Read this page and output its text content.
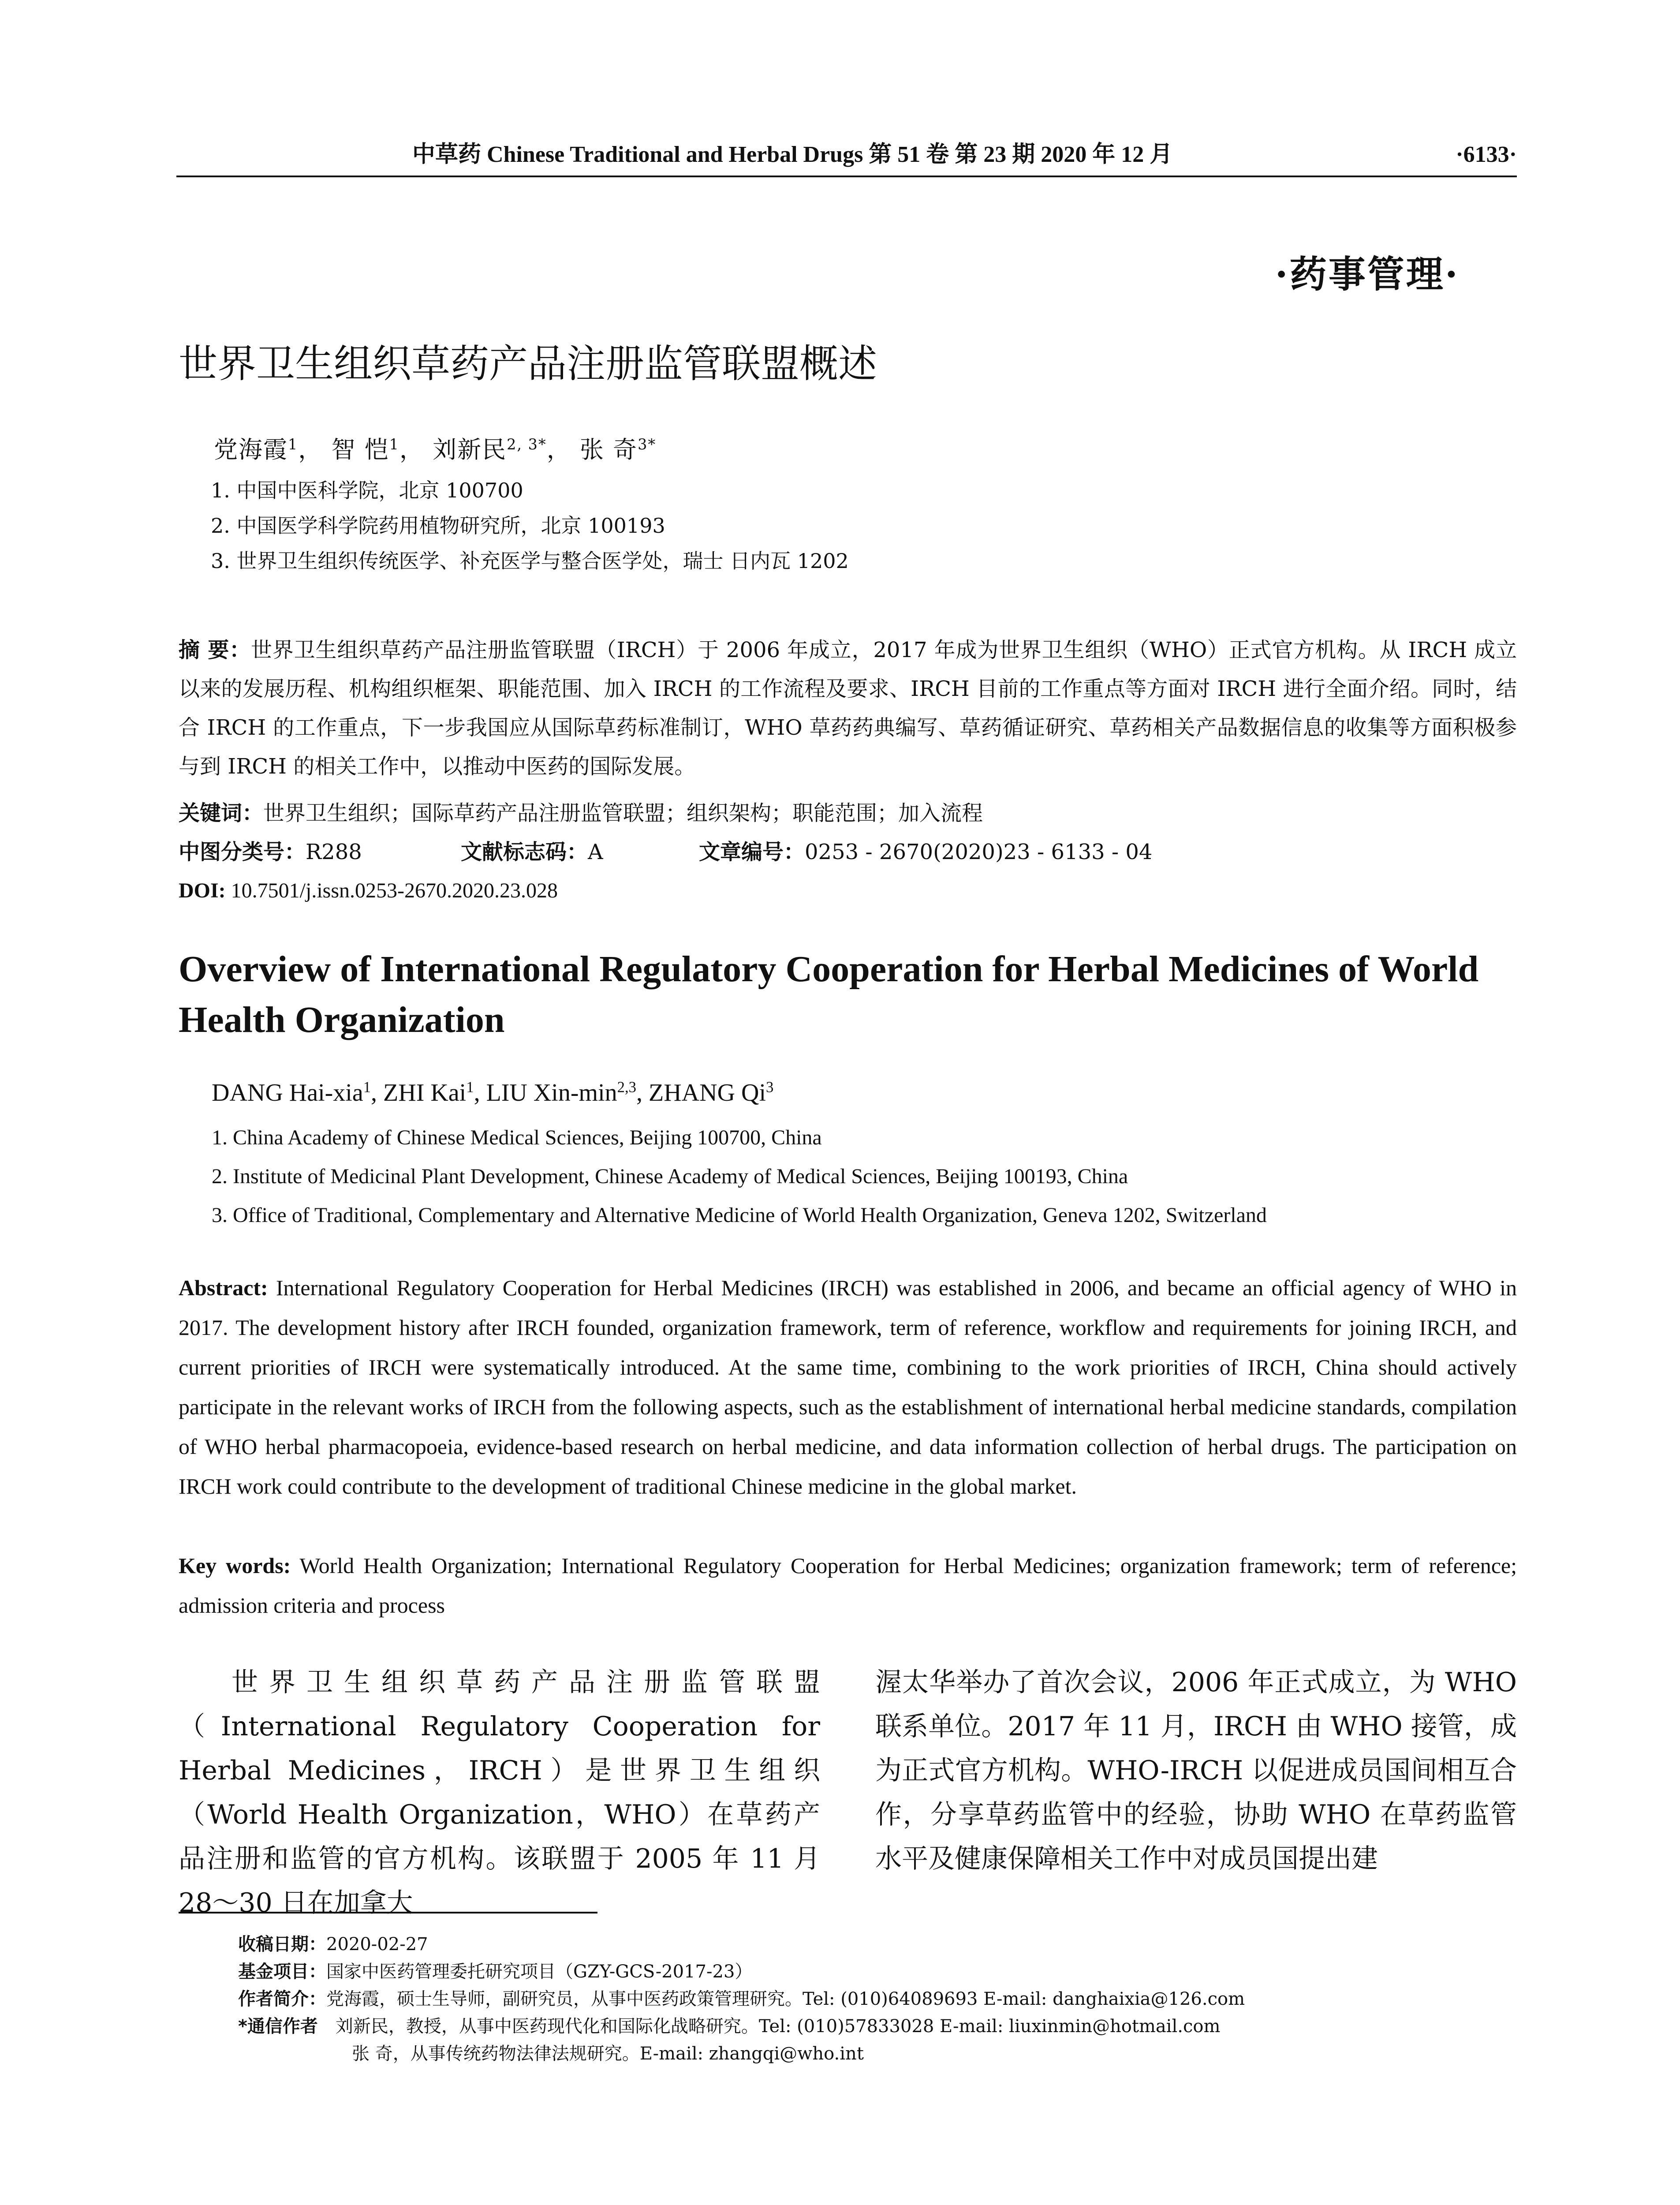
中草药 Chinese Traditional and Herbal Drugs 第 51 卷 第 23 期 2020 年 12 月	·6133·
·药事管理·
世界卫生组织草药产品注册监管联盟概述
党海霞$^1$， 智 恺$^1$， 刘新民$^{2, 3*}$， 张 奇$^{3*}$
1. 中国中医科学院，北京 100700
2. 中国医学科学院药用植物研究所，北京 100193
3. 世界卫生组织传统医学、补充医学与整合医学处，瑞士 日内瓦 1202
摘 要：世界卫生组织草药产品注册监管联盟（IRCH）于 2006 年成立，2017 年成为世界卫生组织（WHO）正式官方机构。从 IRCH 成立以来的发展历程、机构组织框架、职能范围、加入 IRCH 的工作流程及要求、IRCH 目前的工作重点等方面对 IRCH 进行全面介绍。同时，结合 IRCH 的工作重点，下一步我国应从国际草药标准制订，WHO 草药药典编写、草药循证研究、草药相关产品数据信息的收集等方面积极参与到 IRCH 的相关工作中，以推动中医药的国际发展。
关键词：世界卫生组织；国际草药产品注册监管联盟；组织架构；职能范围；加入流程
中图分类号：R288	文献标志码：A	文章编号：0253 - 2670(2020)23 - 6133 - 04
DOI: 10.7501/j.issn.0253-2670.2020.23.028
Overview of International Regulatory Cooperation for Herbal Medicines of World Health Organization
DANG Hai-xia$^1$, ZHI Kai$^1$, LIU Xin-$\min^{2,3}$, ZHANG Qi$^3$
1. China Academy of Chinese Medical Sciences, Beijing 100700, China
2. Institute of Medicinal Plant Development, Chinese Academy of Medical Sciences, Beijing 100193, China
3. Office of Traditional, Complementary and Alternative Medicine of World Health Organization, Geneva 1202, Switzerland
Abstract: International Regulatory Cooperation for Herbal Medicines (IRCH) was established in 2006, and became an official agency of WHO in 2017. The development history after IRCH founded, organization framework, term of reference, workflow and requirements for joining IRCH, and current priorities of IRCH were systematically introduced. At the same time, combining to the work priorities of IRCH, China should actively participate in the relevant works of IRCH from the following aspects, such as the establishment of international herbal medicine standards, compilation of WHO herbal pharmacopoeia, evidence-based research on herbal medicine, and data information collection of herbal drugs. The participation on IRCH work could contribute to the development of traditional Chinese medicine in the global market.
Key words: World Health Organization; International Regulatory Cooperation for Herbal Medicines; organization framework; term of reference; admission criteria and process
世界卫生组织草药产品注册监管联盟（International Regulatory Cooperation for Herbal Medicines，IRCH）是世界卫生组织（World Health Organization，WHO）在草药产品注册和监管的官方机构。该联盟于 2005 年 11 月 28～30 日在加拿大
渥太华举办了首次会议，2006 年正式成立，为 WHO 联系单位。2017 年 11 月，IRCH 由 WHO 接管，成为正式官方机构。WHO-IRCH 以促进成员国间相互合作，分享草药监管中的经验，协助 WHO 在草药监管水平及健康保障相关工作中对成员国提出建
收稿日期：2020-02-27
基金项目：国家中医药管理委托研究项目（GZY-GCS-2017-23）
作者简介：党海霞，硕士生导师，副研究员，从事中医药政策管理研究。Tel: (010)64089693 E-mail: danghaixia@126.com
*通信作者  刘新民，教授，从事中医药现代化和国际化战略研究。Tel: (010)57833028 E-mail: liuxinmin@hotmail.com
张 奇，从事传统药物法律法规研究。E-mail: zhangqi@who.int
